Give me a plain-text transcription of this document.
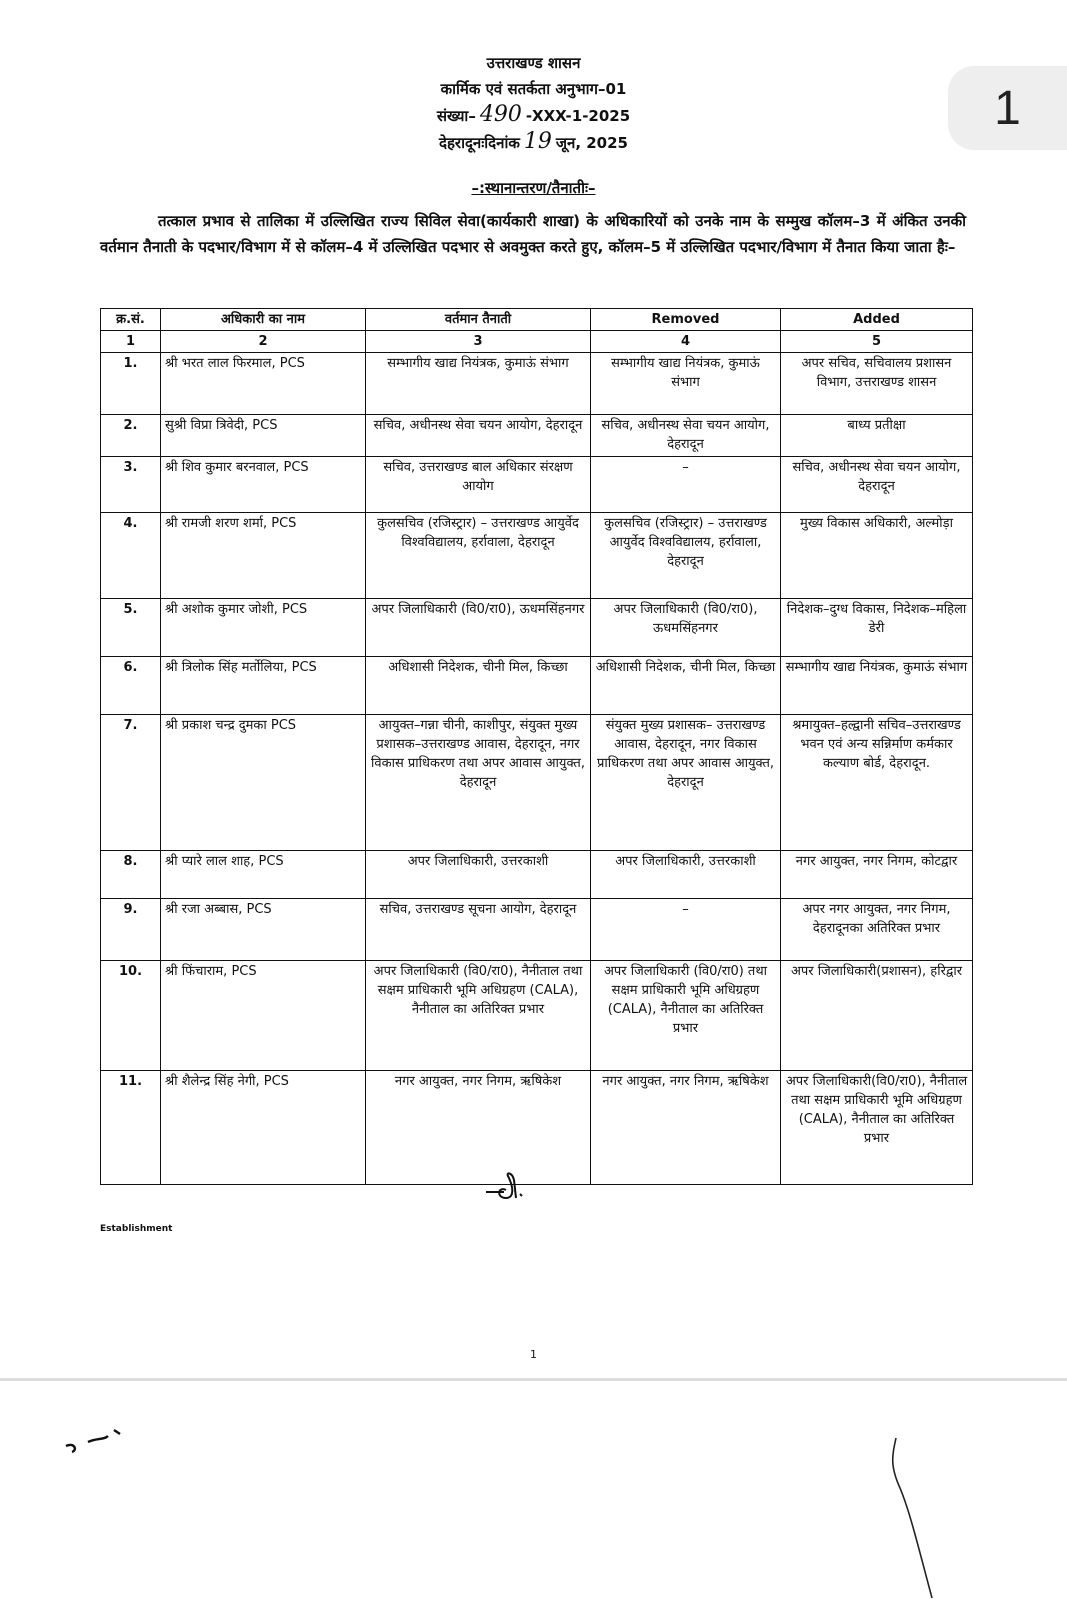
1
उत्तराखण्ड शासन
कार्मिक एवं सतर्कता अनुभाग–01
संख्या– 490 -XXX-1-2025
देहरादूनःदिनांक 19 जून, 2025
–:स्थानान्तरण/तैनातीः–
तत्काल प्रभाव से तालिका में उल्लिखित राज्य सिविल सेवा(कार्यकारी शाखा) के अधिकारियों को उनके नाम के सम्मुख कॉलम–3 में अंकित उनकी वर्तमान तैनाती के पदभार/विभाग में से कॉलम–4 में उल्लिखित पदभार से अवमुक्त करते हुए, कॉलम–5 में उल्लिखित पदभार/विभाग में तैनात किया जाता हैः–
क्र.सं.	अधिकारी का नाम	वर्तमान तैनाती	Removed	Added
1	2	3	4	5
1.	श्री भरत लाल फिरमाल, PCS	सम्भागीय खाद्य नियंत्रक, कुमाऊं संभाग	सम्भागीय खाद्य नियंत्रक, कुमाऊं संभाग	अपर सचिव, सचिवालय प्रशासन विभाग, उत्तराखण्ड शासन
2.	सुश्री विप्रा त्रिवेदी, PCS	सचिव, अधीनस्थ सेवा चयन आयोग, देहरादून	सचिव, अधीनस्थ सेवा चयन आयोग, देहरादून	बाध्य प्रतीक्षा
3.	श्री शिव कुमार बरनवाल, PCS	सचिव, उत्तराखण्ड बाल अधिकार संरक्षण आयोग	–	सचिव, अधीनस्थ सेवा चयन आयोग, देहरादून
4.	श्री रामजी शरण शर्मा, PCS	कुलसचिव (रजिस्ट्रार) – उत्तराखण्ड आयुर्वेद विश्वविद्यालय, हर्रावाला, देहरादून	कुलसचिव (रजिस्ट्रार) – उत्तराखण्ड आयुर्वेद विश्वविद्यालय, हर्रावाला, देहरादून	मुख्य विकास अधिकारी, अल्मोड़ा
5.	श्री अशोक कुमार जोशी, PCS	अपर जिलाधिकारी (वि0/रा0), ऊधमसिंहनगर	अपर जिलाधिकारी (वि0/रा0), ऊधमसिंहनगर	निदेशक–दुग्ध विकास, निदेशक–महिला डेरी
6.	श्री त्रिलोक सिंह मर्तोलिया, PCS	अधिशासी निदेशक, चीनी मिल, किच्छा	अधिशासी निदेशक, चीनी मिल, किच्छा	सम्भागीय खाद्य नियंत्रक, कुमाऊं संभाग
7.	श्री प्रकाश चन्द्र दुमका PCS	आयुक्त–गन्ना चीनी, काशीपुर, संयुक्त मुख्य प्रशासक–उत्तराखण्ड आवास, देहरादून, नगर विकास प्राधिकरण तथा अपर आवास आयुक्त, देहरादून	संयुक्त मुख्य प्रशासक– उत्तराखण्ड आवास, देहरादून, नगर विकास प्राधिकरण तथा अपर आवास आयुक्त, देहरादून	श्रमायुक्त–हल्द्वानी सचिव–उत्तराखण्ड भवन एवं अन्य सन्निर्माण कर्मकार कल्याण बोर्ड, देहरादून.
8.	श्री प्यारे लाल शाह, PCS	अपर जिलाधिकारी, उत्तरकाशी	अपर जिलाधिकारी, उत्तरकाशी	नगर आयुक्त, नगर निगम, कोटद्वार
9.	श्री रजा अब्बास, PCS	सचिव, उत्तराखण्ड सूचना आयोग, देहरादून	–	अपर नगर आयुक्त, नगर निगम, देहरादूनका अतिरिक्त प्रभार
10.	श्री फिंचाराम, PCS	अपर जिलाधिकारी (वि0/रा0), नैनीताल तथा सक्षम प्राधिकारी भूमि अधिग्रहण (CALA), नैनीताल का अतिरिक्त प्रभार	अपर जिलाधिकारी (वि0/रा0) तथा सक्षम प्राधिकारी भूमि अधिग्रहण (CALA), नैनीताल का अतिरिक्त प्रभार	अपर जिलाधिकारी(प्रशासन), हरिद्वार
11.	श्री शैलेन्द्र सिंह नेगी, PCS	नगर आयुक्त, नगर निगम, ऋषिकेश	नगर आयुक्त, नगर निगम, ऋषिकेश	अपर जिलाधिकारी(वि0/रा0), नैनीताल तथा सक्षम प्राधिकारी भूमि अधिग्रहण (CALA), नैनीताल का अतिरिक्त प्रभार
Establishment
1
